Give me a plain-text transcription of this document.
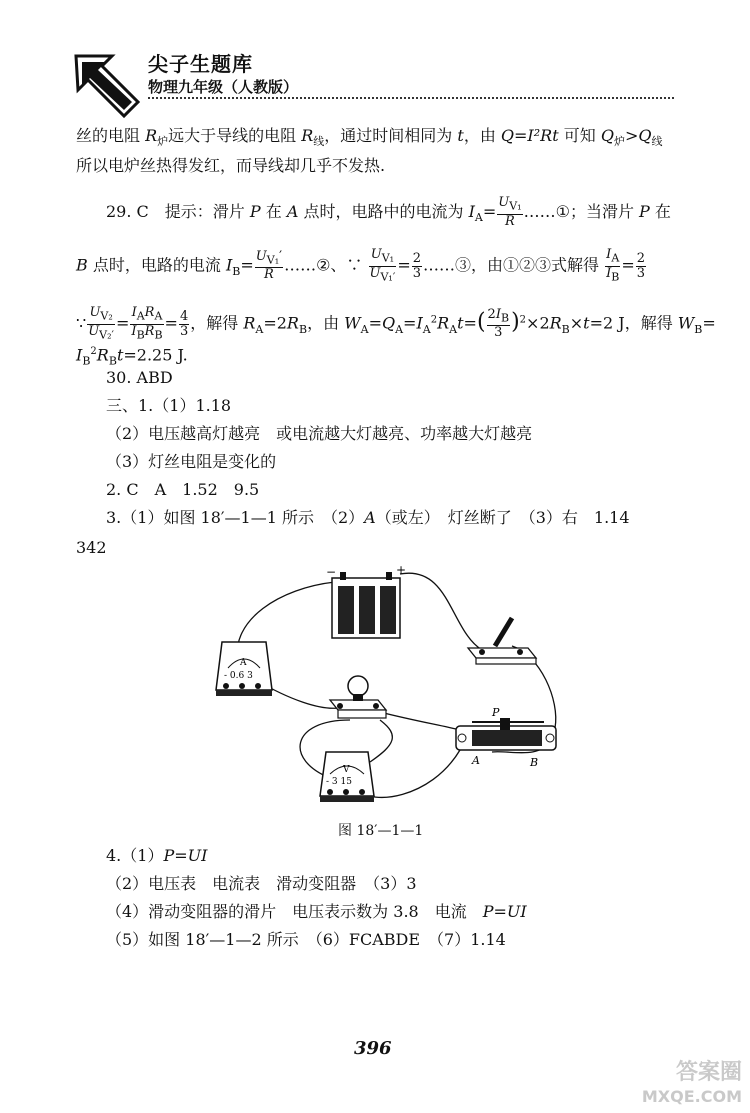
尖子生题库
物理九年级（人教版）
丝的电阻 $R_炉$远大于导线的电阻 $R_线$，通过时间相同为 t，由 Q=I²Rt 可知 $Q_炉>Q_线$
所以电炉丝热得发红，而导线却几乎不发热.
29. C　提示：滑片 P 在 A 点时，电路中的电流为 $I_A= \frac{U_{V_1}}{R}$ ……①；当滑片 P 在
B 点时，电路的电流 $I_B= \frac{U_{V_1}'}{R}$ ……②、∵ $\frac{U_{V_1}}{U_{V_1'}} = \frac{2}{3}$ ……③，由①②③式解得 $\frac{I_A}{I_B} = \frac{2}{3}$
∵ $\frac{U_{V_2}}{U_{V_2'}} = \frac{I_AR_A}{I_BR_B} = \frac{4}{3}$ ，解得 $R_A=2R_B$，由 $W_A=Q_A=I_A^2R_At=( \frac{2I_B}{3} )^2\times 2R_B\times t=2$ J，解得 $W_B=$
$I_B^2R_Bt=2.25$ J.
30. ABD
三、1.（1）1.18
（2）电压越高灯越亮　或电流越大灯越亮、功率越大灯越亮
（3）灯丝电阻是变化的
2. C　A　1.52　9.5
3.（1）如图 18′—1—1 所示　（2）A（或左）　灯丝断了　（3）右　1.14
342
−	+
A
- 0.6 3
V
- 3 15
P
A	B
图 18′—1—1
4.（1）P=UI
（2）电压表　电流表　滑动变阻器　（3）3
（4）滑动变阻器的滑片　电压表示数为 3.8　电流　P=UI
（5）如图 18′—1—2 所示　（6）FCABDE　（7）1.14
396
答案圈
MXQE.COM
